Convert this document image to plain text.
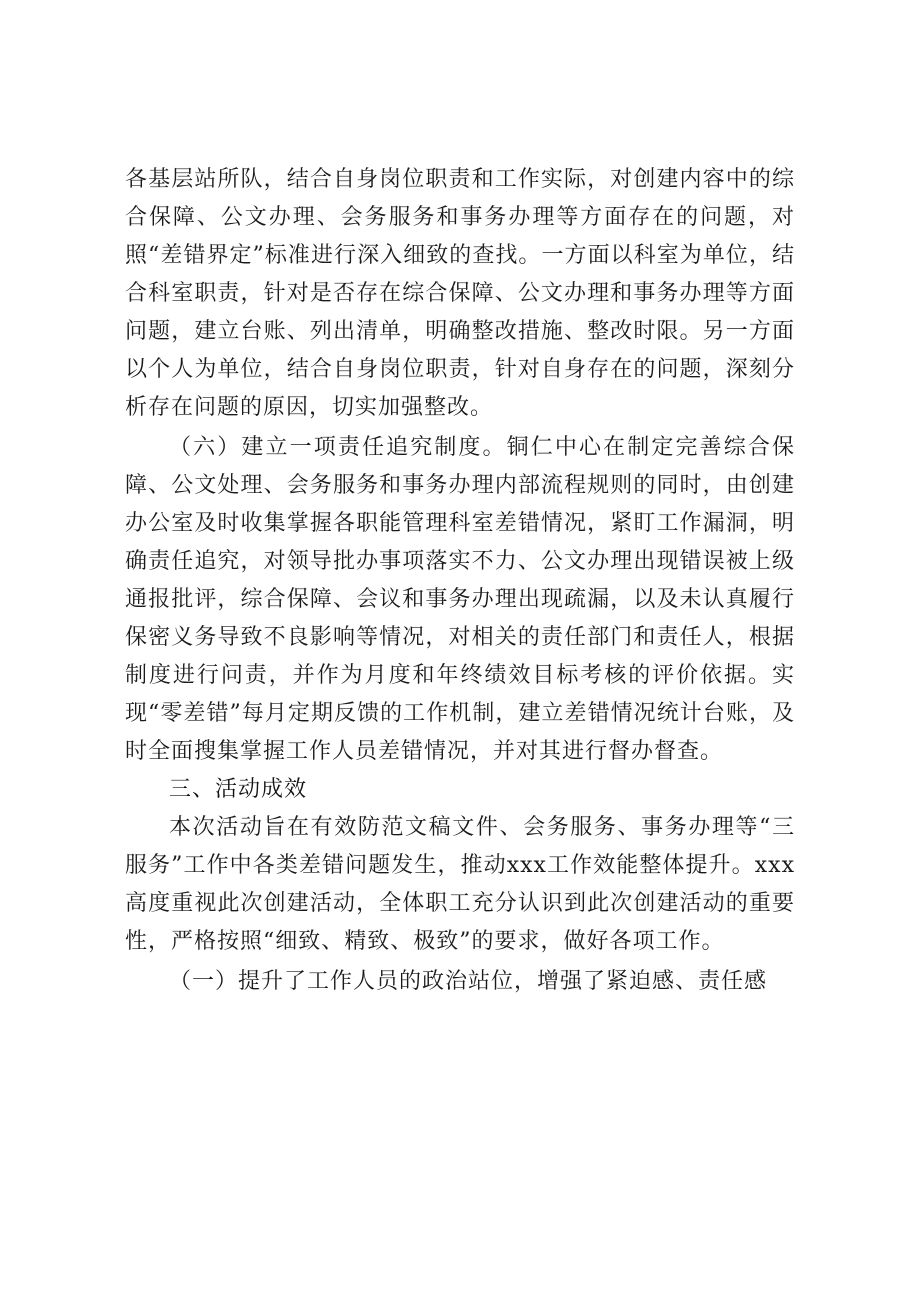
各基层站所队，结合自身岗位职责和工作实际，对创建内容中的综合保障、公文办理、会务服务和事务办理等方面存在的问题，对照“差错界定”标准进行深入细致的查找。一方面以科室为单位，结合科室职责，针对是否存在综合保障、公文办理和事务办理等方面问题，建立台账、列出清单，明确整改措施、整改时限。另一方面以个人为单位，结合自身岗位职责，针对自身存在的问题，深刻分析存在问题的原因，切实加强整改。

（六）建立一项责任追究制度。铜仁中心在制定完善综合保障、公文处理、会务服务和事务办理内部流程规则的同时，由创建办公室及时收集掌握各职能管理科室差错情况，紧盯工作漏洞，明确责任追究，对领导批办事项落实不力、公文办理出现错误被上级通报批评，综合保障、会议和事务办理出现疏漏，以及未认真履行保密义务导致不良影响等情况，对相关的责任部门和责任人，根据制度进行问责，并作为月度和年终绩效目标考核的评价依据。实现“零差错”每月定期反馈的工作机制，建立差错情况统计台账，及时全面搜集掌握工作人员差错情况，并对其进行督办督查。

三、活动成效

本次活动旨在有效防范文稿文件、会务服务、事务办理等“三服务”工作中各类差错问题发生，推动xxx工作效能整体提升。xxx高度重视此次创建活动，全体职工充分认识到此次创建活动的重要性，严格按照“细致、精致、极致”的要求，做好各项工作。

（一）提升了工作人员的政治站位，增强了紧迫感、责任感
